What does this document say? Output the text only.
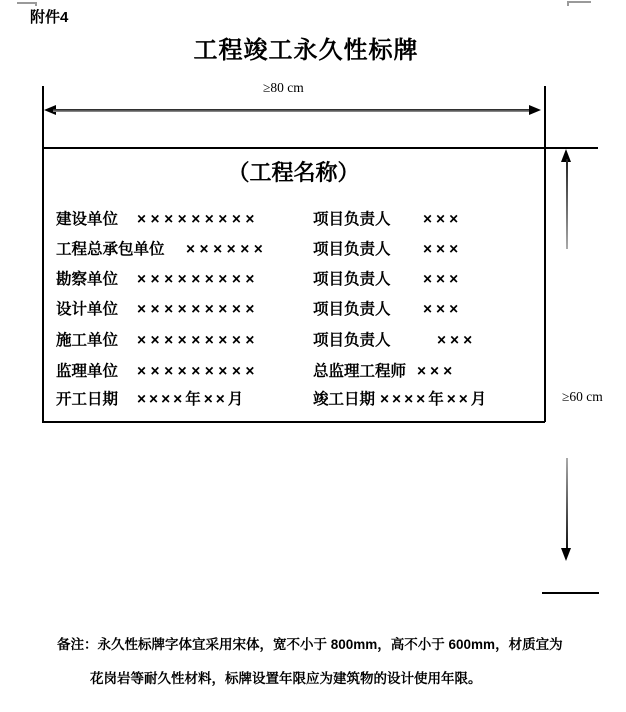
附件4
工程竣工永久性标牌
≥80 cm
≥60 cm
（工程名称）
建设单位 ×××××××××	项目负责人 ×××
工程总承包单位 ××××××	项目负责人 ×××
勘察单位 ×××××××××	项目负责人 ×××
设计单位 ×××××××××	项目负责人 ×××
施工单位 ×××××××××	项目负责人	×××
监理单位 ×××××××××	总监理工程师 ×××
开工日期 ××××年××月	竣工日期 ××××年××月
备注：永久性标牌字体宜采用宋体，宽不小于 800mm，高不小于 600mm，材质宜为
花岗岩等耐久性材料，标牌设置年限应为建筑物的设计使用年限。
